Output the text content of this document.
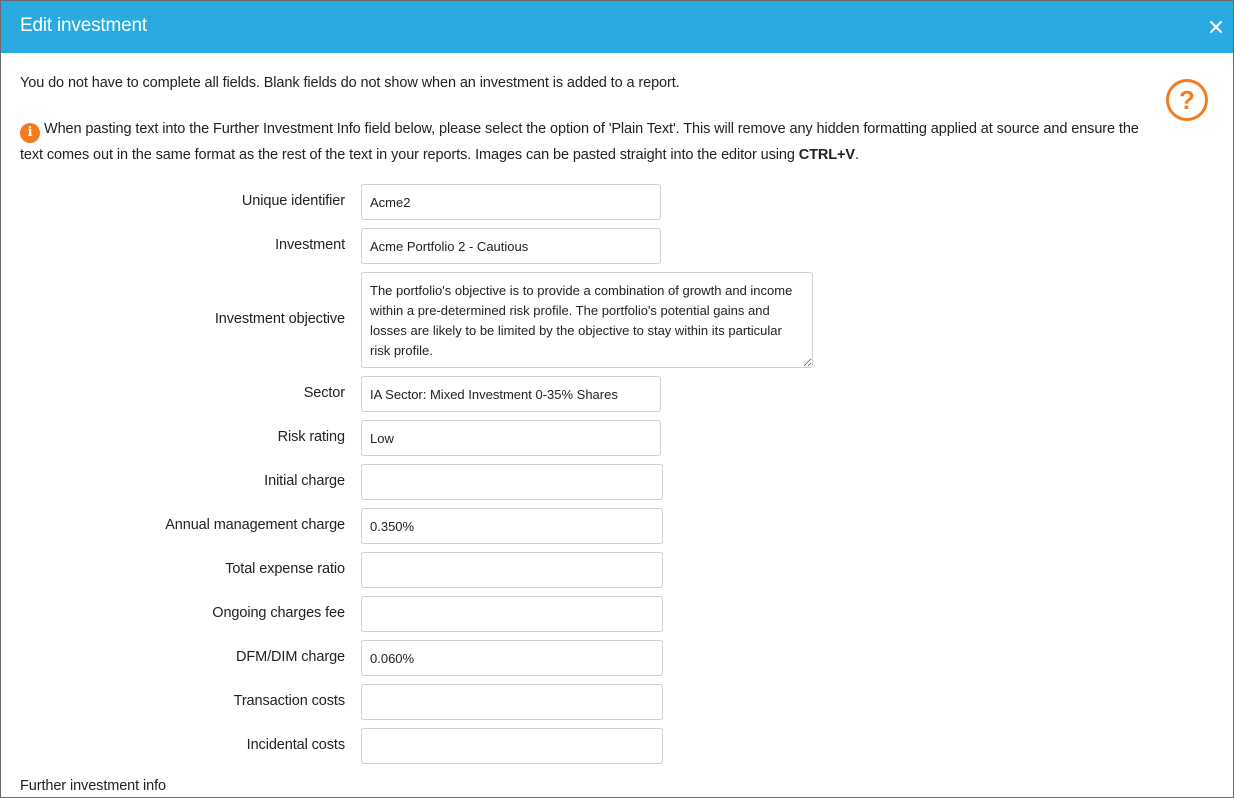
Edit investment
You do not have to complete all fields. Blank fields do not show when an investment is added to a report.
?
i When pasting text into the Further Investment Info field below, please select the option of 'Plain Text'. This will remove any hidden formatting applied at source and ensure the text comes out in the same format as the rest of the text in your reports. Images can be pasted straight into the editor using CTRL+V.
Unique identifier
Acme2
Investment
Acme Portfolio 2 - Cautious
Investment objective
The portfolio's objective is to provide a combination of growth and income within a pre-determined risk profile. The portfolio's potential gains and losses are likely to be limited by the objective to stay within its particular risk profile.
Sector
IA Sector: Mixed Investment 0-35% Shares
Risk rating
Low
Initial charge
Annual management charge
0.350%
Total expense ratio
Ongoing charges fee
DFM/DIM charge
0.060%
Transaction costs
Incidental costs
Further investment info
